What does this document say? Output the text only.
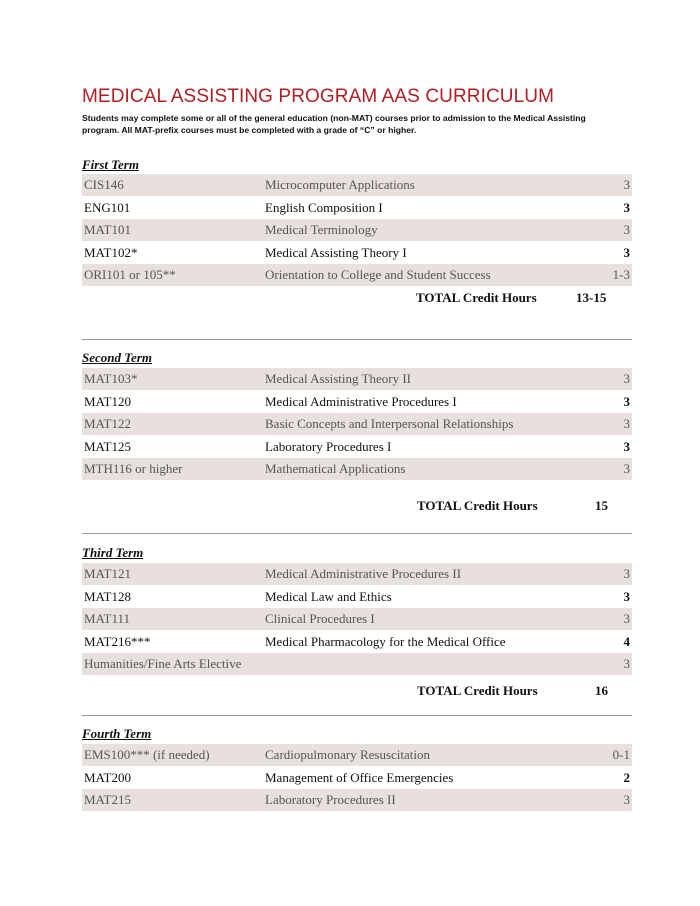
MEDICAL ASSISTING PROGRAM AAS CURRICULUM
Students may complete some or all of the general education (non-MAT) courses prior to admission to the Medical Assisting program. All MAT-prefix courses must be completed with a grade of “C” or higher.
First Term
CIS146	Microcomputer Applications	3
ENG101	English Composition I	3
MAT101	Medical Terminology	3
MAT102*	Medical Assisting Theory I	3
ORI101 or 105**	Orientation to College and Student Success	1-3
TOTAL Credit Hours	13-15
Second Term
MAT103*	Medical Assisting Theory II	3
MAT120	Medical Administrative Procedures I	3
MAT122	Basic Concepts and Interpersonal Relationships	3
MAT125	Laboratory Procedures I	3
MTH116 or higher	Mathematical Applications	3
TOTAL Credit Hours	15
Third Term
MAT121	Medical Administrative Procedures II	3
MAT128	Medical Law and Ethics	3
MAT111	Clinical Procedures I	3
MAT216***	Medical Pharmacology for the Medical Office	4
Humanities/Fine Arts Elective	3
TOTAL Credit Hours	16
Fourth Term
EMS100*** (if needed)	Cardiopulmonary Resuscitation	0-1
MAT200	Management of Office Emergencies	2
MAT215	Laboratory Procedures II	3
